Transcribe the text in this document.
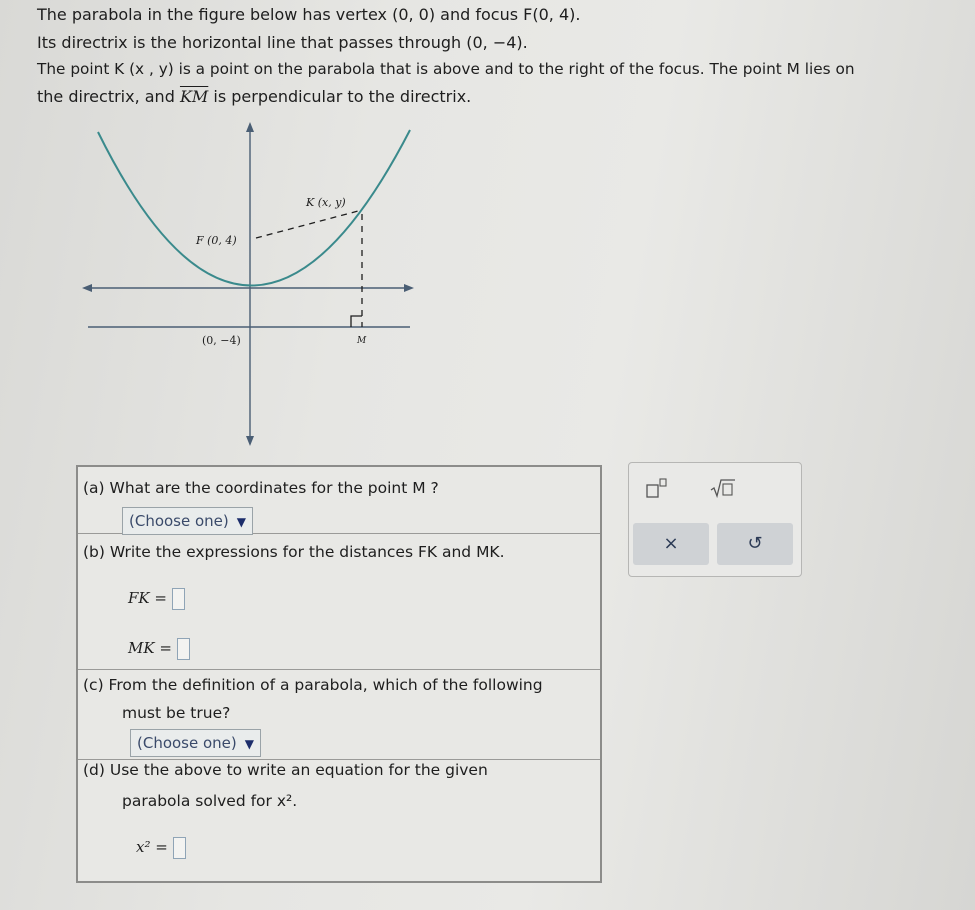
The parabola in the figure below has vertex (0, 0) and focus F(0, 4).
Its directrix is the horizontal line that passes through (0, −4).
The point K (x , y) is a point on the parabola that is above and to the right of the focus. The point M lies on
the directrix, and $\overline{KM}$ is perpendicular to the directrix.
K (x, y)
F (0, 4)
(0, −4)	M
(a) What are the coordinates for the point M ?
(Choose one) ▼
(b) Write the expressions for the distances FK and MK.
FK =
MK =
(c) From the definition of a parabola, which of the following
must be true?
(Choose one) ▼
(d) Use the above to write an equation for the given
parabola solved for x².
x² =
×	↺
